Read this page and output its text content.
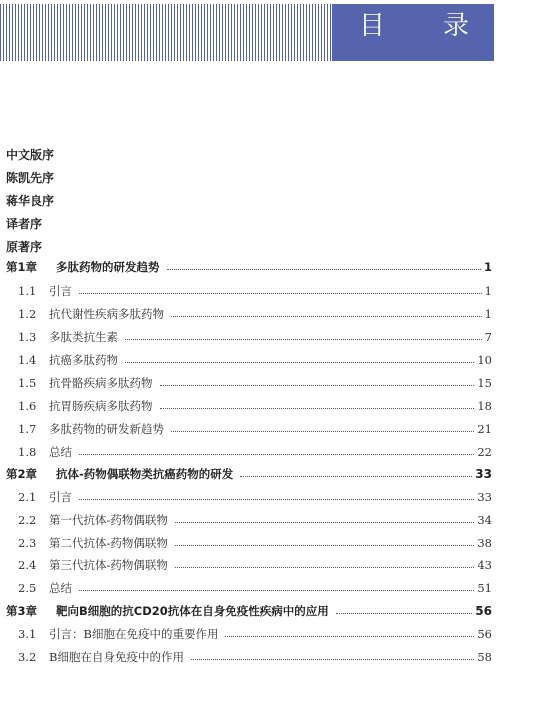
目 录
中文版序
陈凯先序
蒋华良序
译者序
原著序
第1章	多肽药物的研发趋势	1
1.1	引言	1
1.2	抗代谢性疾病多肽药物	1
1.3	多肽类抗生素	7
1.4	抗癌多肽药物	10
1.5	抗骨骼疾病多肽药物	15
1.6	抗胃肠疾病多肽药物	18
1.7	多肽药物的研发新趋势	21
1.8	总结	22
第2章	抗体-药物偶联物类抗癌药物的研发	33
2.1	引言	33
2.2	第一代抗体-药物偶联物	34
2.3	第二代抗体-药物偶联物	38
2.4	第三代抗体-药物偶联物	43
2.5	总结	51
第3章	靶向B细胞的抗CD20抗体在自身免疫性疾病中的应用	56
3.1	引言：B细胞在免疫中的重要作用	56
3.2	B细胞在自身免疫中的作用	58
